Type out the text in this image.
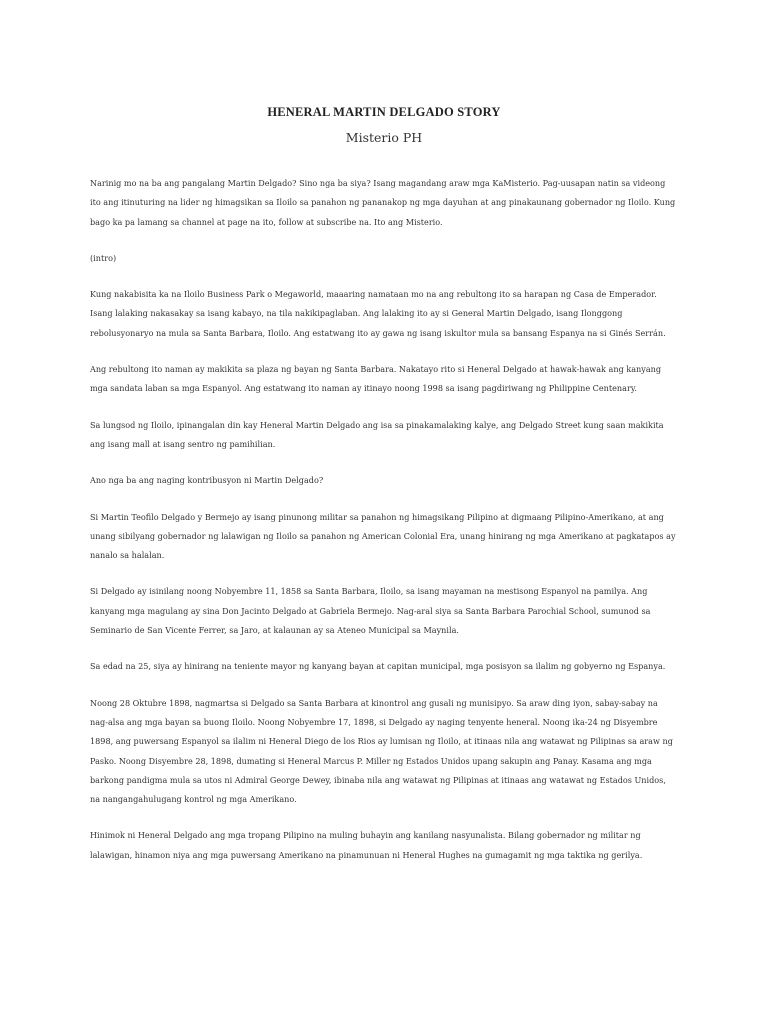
HENERAL MARTIN DELGADO STORY
Misterio PH

Narinig mo na ba ang pangalang Martin Delgado? Sino nga ba siya? Isang magandang araw mga KaMisterio. Pag-uusapan natin sa videong ito ang itinuturing na lider ng himagsikan sa Iloilo sa panahon ng pananakop ng mga dayuhan at ang pinakaunang gobernador ng Iloilo. Kung bago ka pa lamang sa channel at page na ito, follow at subscribe na. Ito ang Misterio.

(intro)

Kung nakabisita ka na Iloilo Business Park o Megaworld, maaaring namataan mo na ang rebultong ito sa harapan ng Casa de Emperador. Isang lalaking nakasakay sa isang kabayo, na tila nakikipaglaban. Ang lalaking ito ay si General Martin Delgado, isang Ilonggong rebolusyonaryo na mula sa Santa Barbara, Iloilo. Ang estatwang ito ay gawa ng isang iskultor mula sa bansang Espanya na si Ginés Serrán.

Ang rebultong ito naman ay makikita sa plaza ng bayan ng Santa Barbara. Nakatayo rito si Heneral Delgado at hawak-hawak ang kanyang mga sandata laban sa mga Espanyol. Ang estatwang ito naman ay itinayo noong 1998 sa isang pagdiriwang ng Philippine Centenary.

Sa lungsod ng Iloilo, ipinangalan din kay Heneral Martin Delgado ang isa sa pinakamalaking kalye, ang Delgado Street kung saan makikita ang isang mall at isang sentro ng pamihilian.

Ano nga ba ang naging kontribusyon ni Martin Delgado?

Si Martin Teofilo Delgado y Bermejo ay isang pinunong militar sa panahon ng himagsikang Pilipino at digmaang Pilipino-Amerikano, at ang unang sibilyang gobernador ng lalawigan ng Iloilo sa panahon ng American Colonial Era, unang hinirang ng mga Amerikano at pagkatapos ay nanalo sa halalan.

Si Delgado ay isinilang noong Nobyembre 11, 1858 sa Santa Barbara, Iloilo, sa isang mayaman na mestisong Espanyol na pamilya. Ang kanyang mga magulang ay sina Don Jacinto Delgado at Gabriela Bermejo. Nag-aral siya sa Santa Barbara Parochial School, sumunod sa Seminario de San Vicente Ferrer, sa Jaro, at kalaunan ay sa Ateneo Municipal sa Maynila.

Sa edad na 25, siya ay hinirang na teniente mayor ng kanyang bayan at capitan municipal, mga posisyon sa ilalim ng gobyerno ng Espanya.

Noong 28 Oktubre 1898, nagmartsa si Delgado sa Santa Barbara at kinontrol ang gusali ng munisipyo. Sa araw ding iyon, sabay-sabay na nag-alsa ang mga bayan sa buong Iloilo. Noong Nobyembre 17, 1898, si Delgado ay naging tenyente heneral. Noong ika-24 ng Disyembre 1898, ang puwersang Espanyol sa ilalim ni Heneral Diego de los Rios ay lumisan ng Iloilo, at itinaas nila ang watawat ng Pilipinas sa araw ng Pasko. Noong Disyembre 28, 1898, dumating si Heneral Marcus P. Miller ng Estados Unidos upang sakupin ang Panay. Kasama ang mga barkong pandigma mula sa utos ni Admiral George Dewey, ibinaba nila ang watawat ng Pilipinas at itinaas ang watawat ng Estados Unidos, na nangangahulugang kontrol ng mga Amerikano.

Hinimok ni Heneral Delgado ang mga tropang Pilipino na muling buhayin ang kanilang nasyunalista. Bilang gobernador ng militar ng lalawigan, hinamon niya ang mga puwersang Amerikano na pinamunuan ni Heneral Hughes na gumagamit ng mga taktika ng gerilya.
